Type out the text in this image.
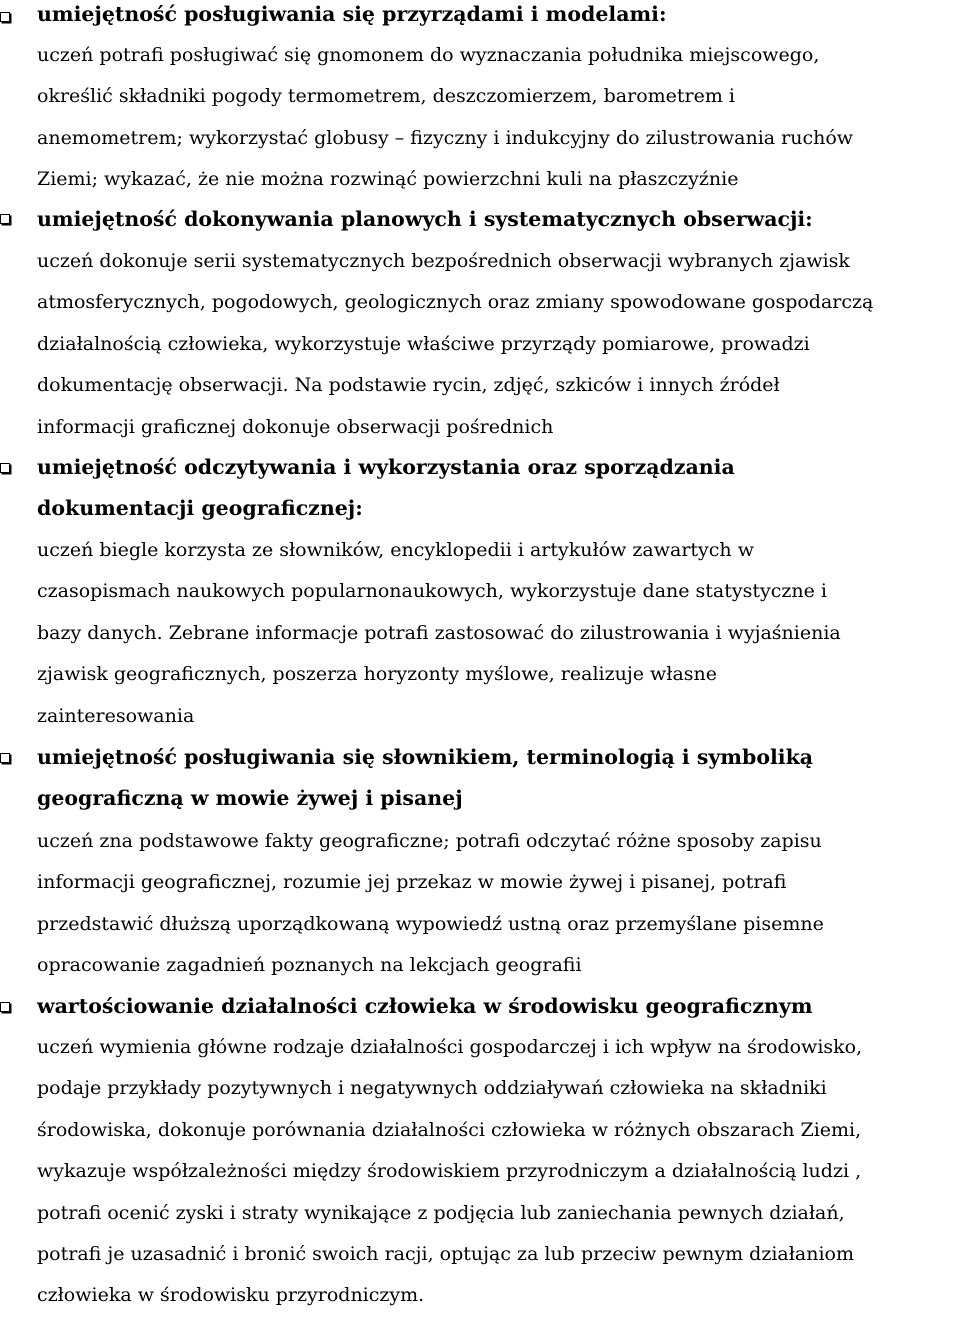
umiejętność posługiwania się przyrządami i modelami:

uczeń potrafi posługiwać się gnomonem do wyznaczania południka miejscowego,
określić składniki pogody termometrem, deszczomierzem, barometrem i
anemometrem; wykorzystać globusy – fizyczny i indukcyjny do zilustrowania ruchów
Ziemi; wykazać, że nie można rozwinąć powierzchni kuli na płaszczyźnie

umiejętność dokonywania planowych i systematycznych obserwacji:

uczeń dokonuje serii systematycznych bezpośrednich obserwacji wybranych zjawisk
atmosferycznych, pogodowych, geologicznych oraz zmiany spowodowane gospodarczą
działalnością człowieka, wykorzystuje właściwe przyrządy pomiarowe, prowadzi
dokumentację obserwacji. Na podstawie rycin, zdjęć, szkiców i innych źródeł
informacji graficznej dokonuje obserwacji pośrednich

umiejętność odczytywania i wykorzystania oraz sporządzania
dokumentacji geograficznej:

uczeń biegle korzysta ze słowników, encyklopedii i artykułów zawartych w
czasopismach naukowych popularnonaukowych, wykorzystuje dane statystyczne i
bazy danych. Zebrane informacje potrafi zastosować do zilustrowania i wyjaśnienia
zjawisk geograficznych, poszerza horyzonty myślowe, realizuje własne
zainteresowania

umiejętność posługiwania się słownikiem, terminologią i symboliką
geograficzną w mowie żywej i pisanej

uczeń zna podstawowe fakty geograficzne; potrafi odczytać różne sposoby zapisu
informacji geograficznej, rozumie jej przekaz w mowie żywej i pisanej, potrafi
przedstawić dłuższą uporządkowaną wypowiedź ustną oraz przemyślane pisemne
opracowanie zagadnień poznanych na lekcjach geografii

wartościowanie działalności człowieka w środowisku geograficznym

uczeń wymienia główne rodzaje działalności gospodarczej i ich wpływ na środowisko,
podaje przykłady pozytywnych i negatywnych oddziaływań człowieka na składniki
środowiska, dokonuje porównania działalności człowieka w różnych obszarach Ziemi,
wykazuje współzależności między środowiskiem przyrodniczym a działalnością ludzi ,
potrafi ocenić zyski i straty wynikające z podjęcia lub zaniechania pewnych działań,
potrafi je uzasadnić i bronić swoich racji, optując za lub przeciw pewnym działaniom
człowieka w środowisku przyrodniczym.
